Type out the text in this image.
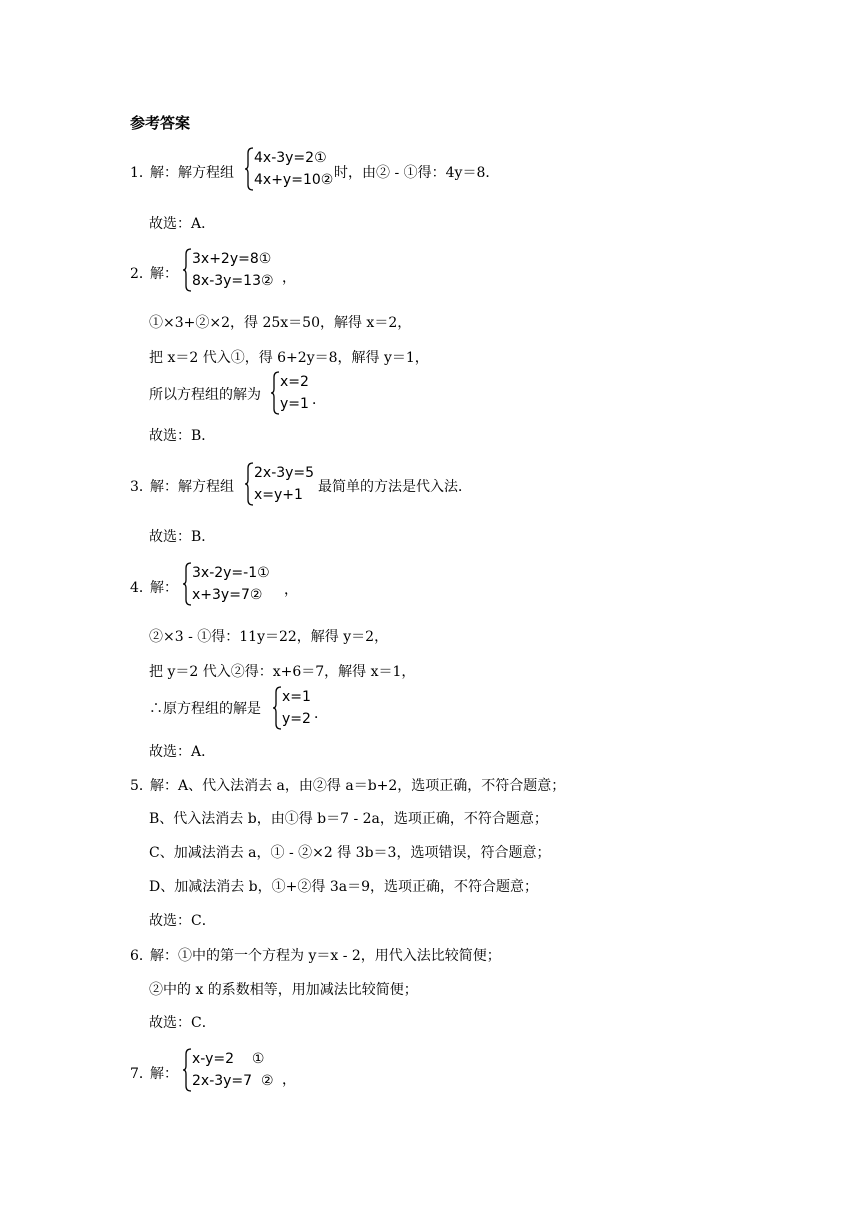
参考答案
1．
解：解方程组
4x-3y=2①
4x+y=10② 时，由② - ①得：4y＝8．
故选：A．
2．
解：
3x+2y=8①
8x-3y=13② ，
①×3+②×2，得 25x＝50，解得 x＝2，
把 x＝2 代入①，得 6+2y＝8，解得 y＝1，
所以方程组的解为
x=2
y=1 ．
故选：B．
3．
解：解方程组
2x-3y=5
x=y+1	最简单的方法是代入法．
故选：B．
4．
解：
3x-2y=-1①
x+3y=7②	，
②×3 - ①得：11y＝22，解得 y＝2，
把 y＝2 代入②得：x+6＝7，解得 x＝1，
∴原方程组的解是
x=1
y=2 ．
故选：A．
5．
解：A、代入法消去 a，由②得 a＝b+2，选项正确，不符合题意；
B、代入法消去 b，由①得 b＝7 - 2a，选项正确，不符合题意；
C、加减法消去 a，① - ②×2 得 3b＝3，选项错误，符合题意；
D、加减法消去 b，①+②得 3a＝9，选项正确，不符合题意；
故选：C．
6．
解：①中的第一个方程为 y＝x - 2，用代入法比较简便；
②中的 x 的系数相等，用加减法比较简便；
故选：C．
7．
解：
x-y=2    ①
2x-3y=7  ② ，
